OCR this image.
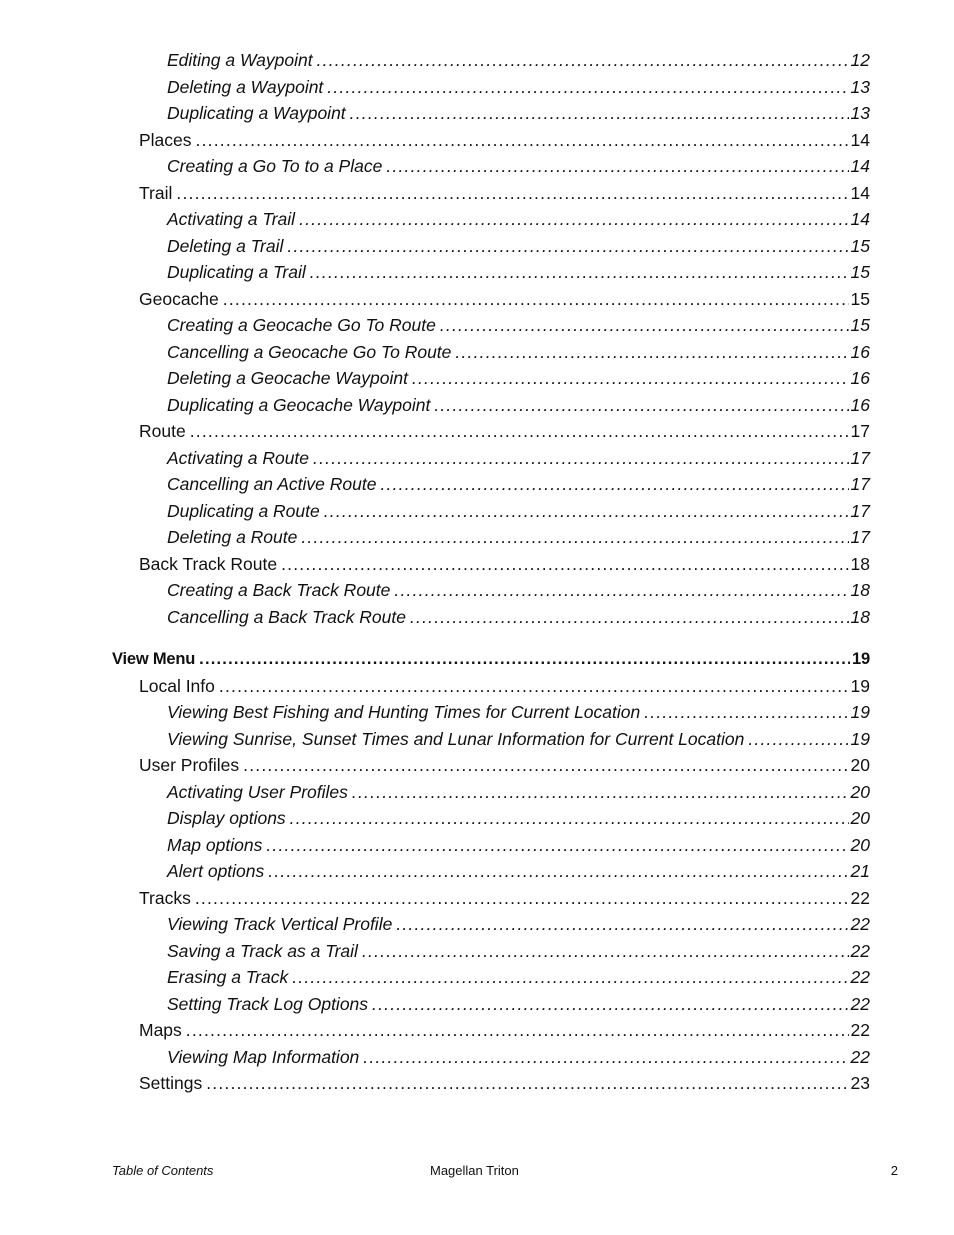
Editing a Waypoint .....	12
Deleting a Waypoint .....	13
Duplicating a Waypoint .....	13
Places .....	14
Creating a Go To to a Place .....	14
Trail .....	14
Activating a Trail .....	14
Deleting a Trail .....	15
Duplicating a Trail .....	15
Geocache .....	15
Creating a Geocache Go To Route .....	15
Cancelling a Geocache Go To Route .....	16
Deleting a Geocache Waypoint .....	16
Duplicating a Geocache Waypoint .....	16
Route .....	17
Activating a Route .....	17
Cancelling an Active Route .....	17
Duplicating a Route .....	17
Deleting a Route .....	17
Back Track Route .....	18
Creating a Back Track Route .....	18
Cancelling a Back Track Route .....	18
View Menu .....	19
Local Info .....	19
Viewing Best Fishing and Hunting Times for Current Location .....	19
Viewing Sunrise, Sunset Times and Lunar Information for Current Location .....	19
User Profiles .....	20
Activating User Profiles .....	20
Display options .....	20
Map options .....	20
Alert options .....	21
Tracks .....	22
Viewing Track Vertical Profile .....	22
Saving a Track as a Trail .....	22
Erasing a Track .....	22
Setting Track Log Options .....	22
Maps .....	22
Viewing Map Information .....	22
Settings .....	23
Table of Contents	Magellan Triton	2
